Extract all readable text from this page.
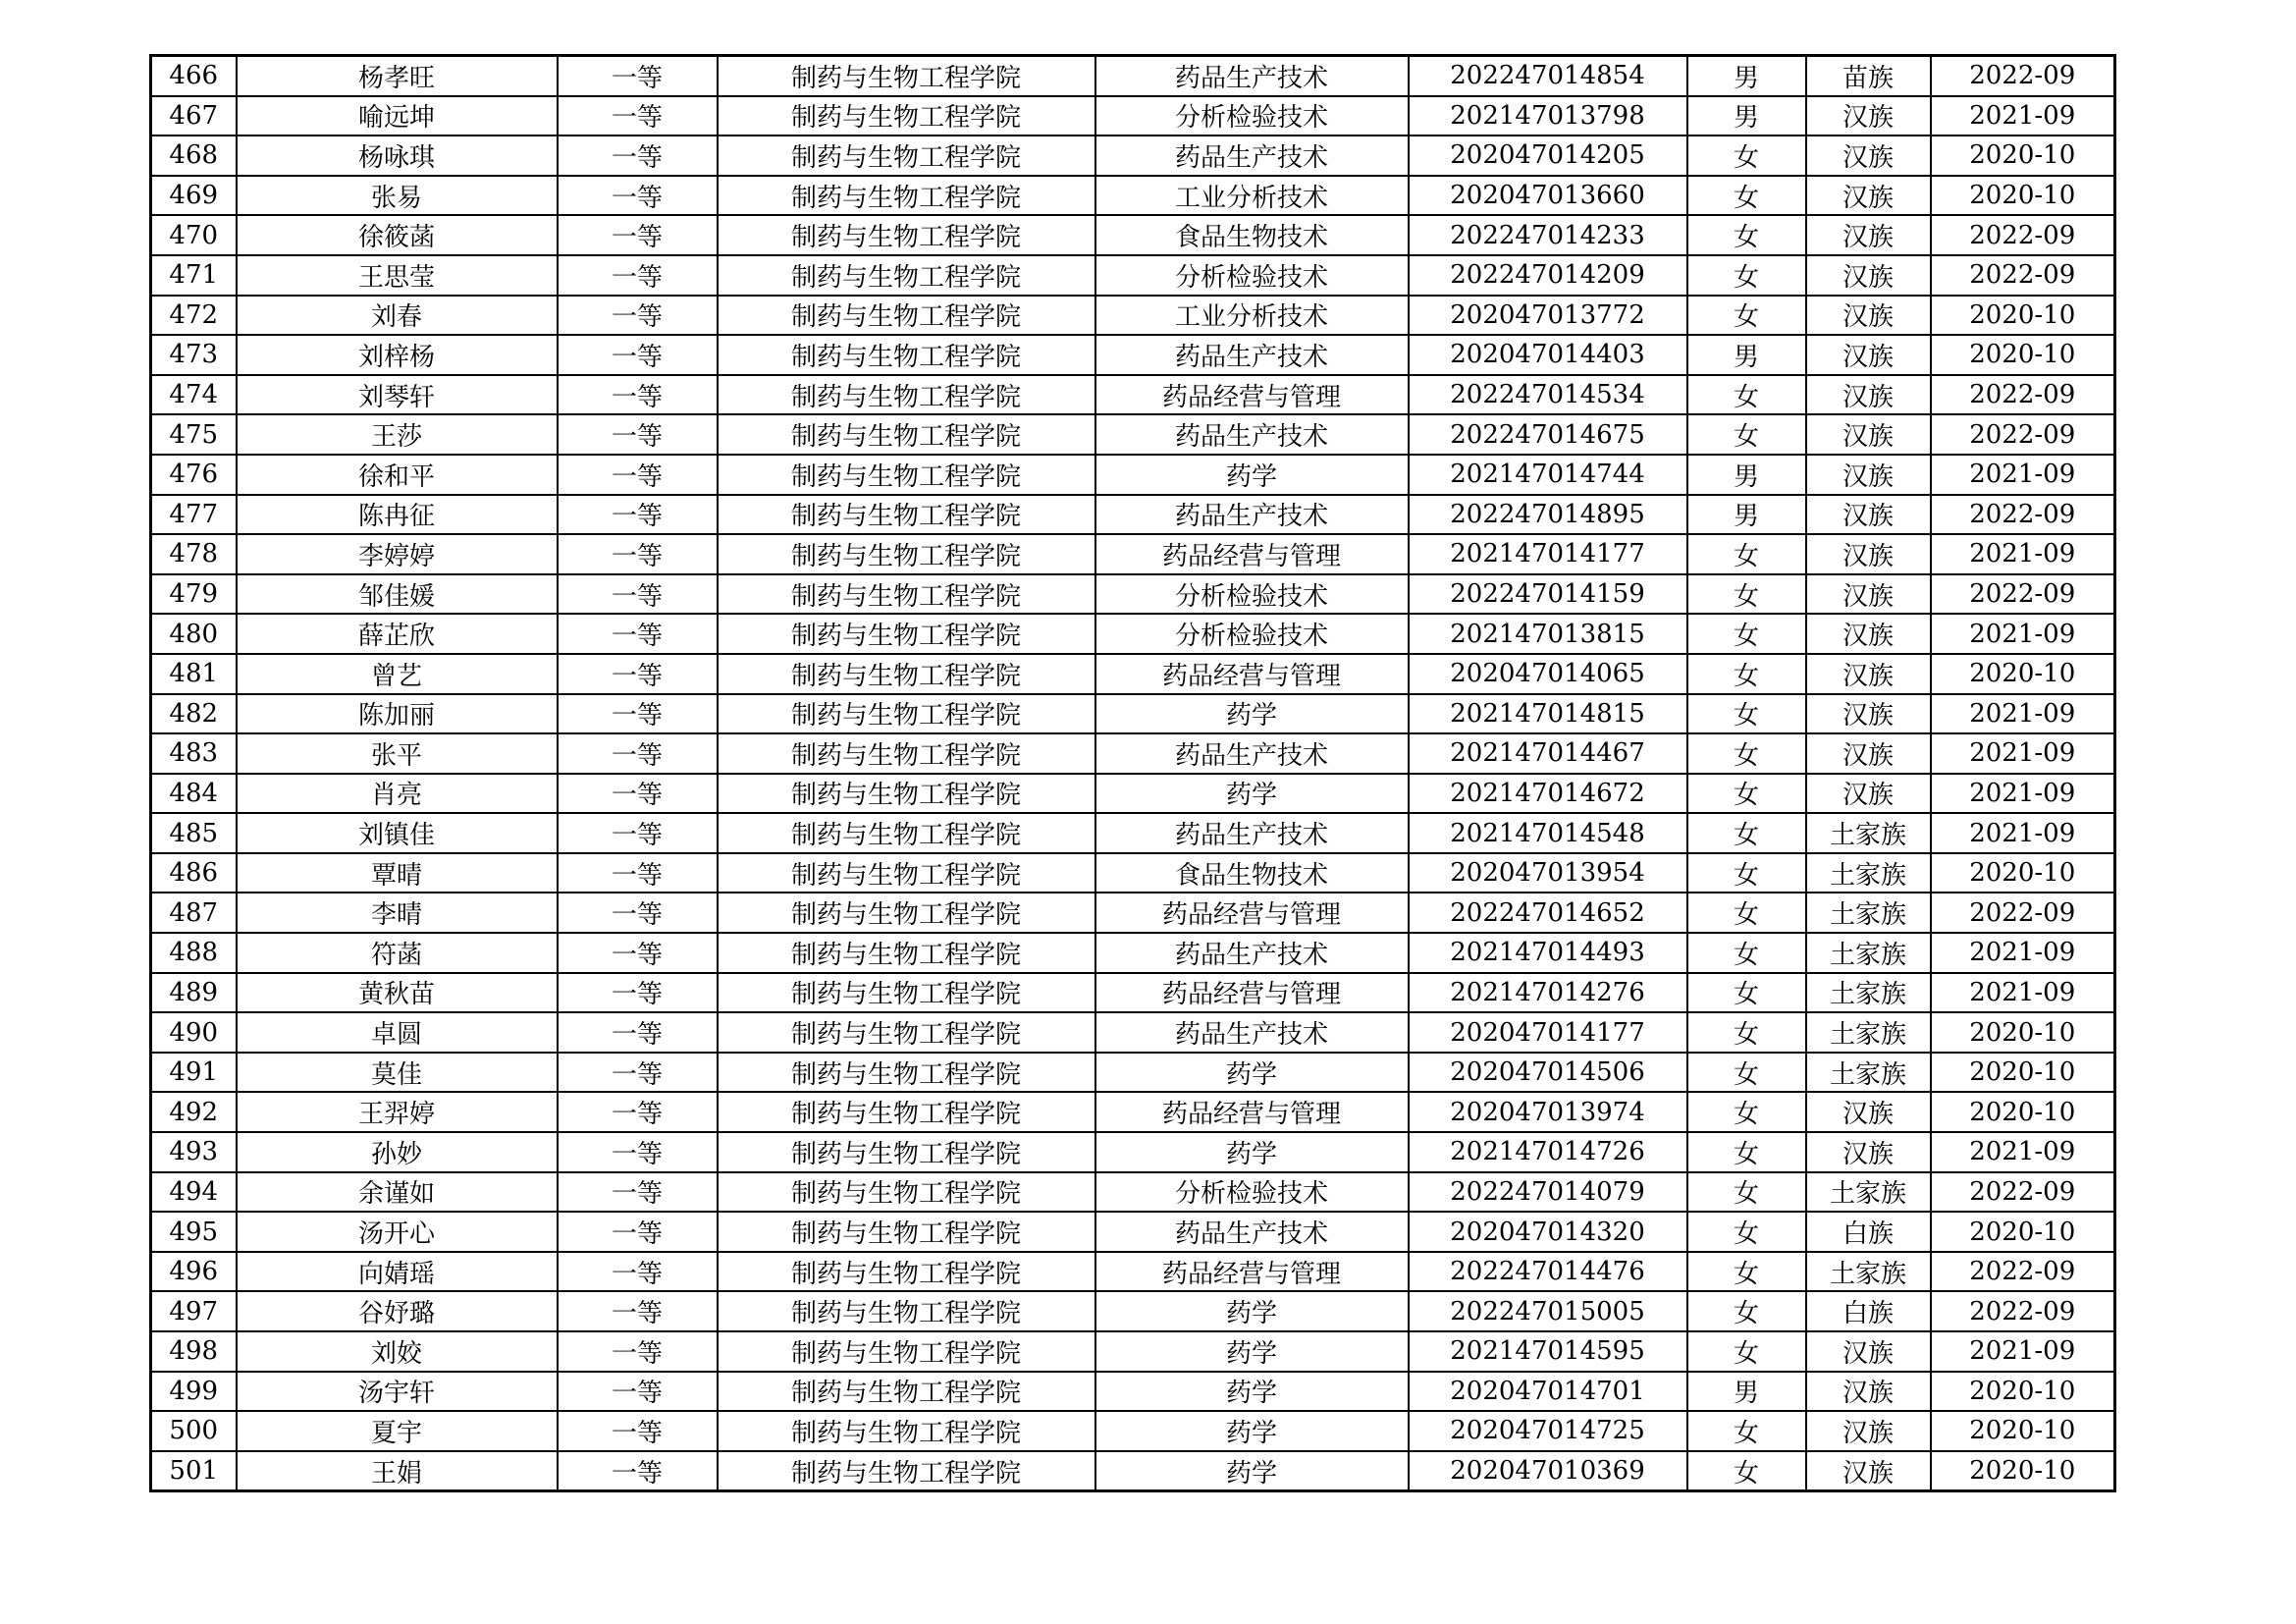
466	杨孝旺	一等	制药与生物工程学院	药品生产技术	202247014854	男	苗族	2022-09
467	喻远坤	一等	制药与生物工程学院	分析检验技术	202147013798	男	汉族	2021-09
468	杨咏琪	一等	制药与生物工程学院	药品生产技术	202047014205	女	汉族	2020-10
469	张易	一等	制药与生物工程学院	工业分析技术	202047013660	女	汉族	2020-10
470	徐筱菡	一等	制药与生物工程学院	食品生物技术	202247014233	女	汉族	2022-09
471	王思莹	一等	制药与生物工程学院	分析检验技术	202247014209	女	汉族	2022-09
472	刘春	一等	制药与生物工程学院	工业分析技术	202047013772	女	汉族	2020-10
473	刘梓杨	一等	制药与生物工程学院	药品生产技术	202047014403	男	汉族	2020-10
474	刘琴轩	一等	制药与生物工程学院	药品经营与管理	202247014534	女	汉族	2022-09
475	王莎	一等	制药与生物工程学院	药品生产技术	202247014675	女	汉族	2022-09
476	徐和平	一等	制药与生物工程学院	药学	202147014744	男	汉族	2021-09
477	陈冉征	一等	制药与生物工程学院	药品生产技术	202247014895	男	汉族	2022-09
478	李婷婷	一等	制药与生物工程学院	药品经营与管理	202147014177	女	汉族	2021-09
479	邹佳媛	一等	制药与生物工程学院	分析检验技术	202247014159	女	汉族	2022-09
480	薛芷欣	一等	制药与生物工程学院	分析检验技术	202147013815	女	汉族	2021-09
481	曾艺	一等	制药与生物工程学院	药品经营与管理	202047014065	女	汉族	2020-10
482	陈加丽	一等	制药与生物工程学院	药学	202147014815	女	汉族	2021-09
483	张平	一等	制药与生物工程学院	药品生产技术	202147014467	女	汉族	2021-09
484	肖亮	一等	制药与生物工程学院	药学	202147014672	女	汉族	2021-09
485	刘镇佳	一等	制药与生物工程学院	药品生产技术	202147014548	女	土家族	2021-09
486	覃晴	一等	制药与生物工程学院	食品生物技术	202047013954	女	土家族	2020-10
487	李晴	一等	制药与生物工程学院	药品经营与管理	202247014652	女	土家族	2022-09
488	符菡	一等	制药与生物工程学院	药品生产技术	202147014493	女	土家族	2021-09
489	黄秋苗	一等	制药与生物工程学院	药品经营与管理	202147014276	女	土家族	2021-09
490	卓圆	一等	制药与生物工程学院	药品生产技术	202047014177	女	土家族	2020-10
491	莫佳	一等	制药与生物工程学院	药学	202047014506	女	土家族	2020-10
492	王羿婷	一等	制药与生物工程学院	药品经营与管理	202047013974	女	汉族	2020-10
493	孙妙	一等	制药与生物工程学院	药学	202147014726	女	汉族	2021-09
494	余谨如	一等	制药与生物工程学院	分析检验技术	202247014079	女	土家族	2022-09
495	汤开心	一等	制药与生物工程学院	药品生产技术	202047014320	女	白族	2020-10
496	向婧瑶	一等	制药与生物工程学院	药品经营与管理	202247014476	女	土家族	2022-09
497	谷妤璐	一等	制药与生物工程学院	药学	202247015005	女	白族	2022-09
498	刘姣	一等	制药与生物工程学院	药学	202147014595	女	汉族	2021-09
499	汤宇轩	一等	制药与生物工程学院	药学	202047014701	男	汉族	2020-10
500	夏宇	一等	制药与生物工程学院	药学	202047014725	女	汉族	2020-10
501	王娟	一等	制药与生物工程学院	药学	202047010369	女	汉族	2020-10
